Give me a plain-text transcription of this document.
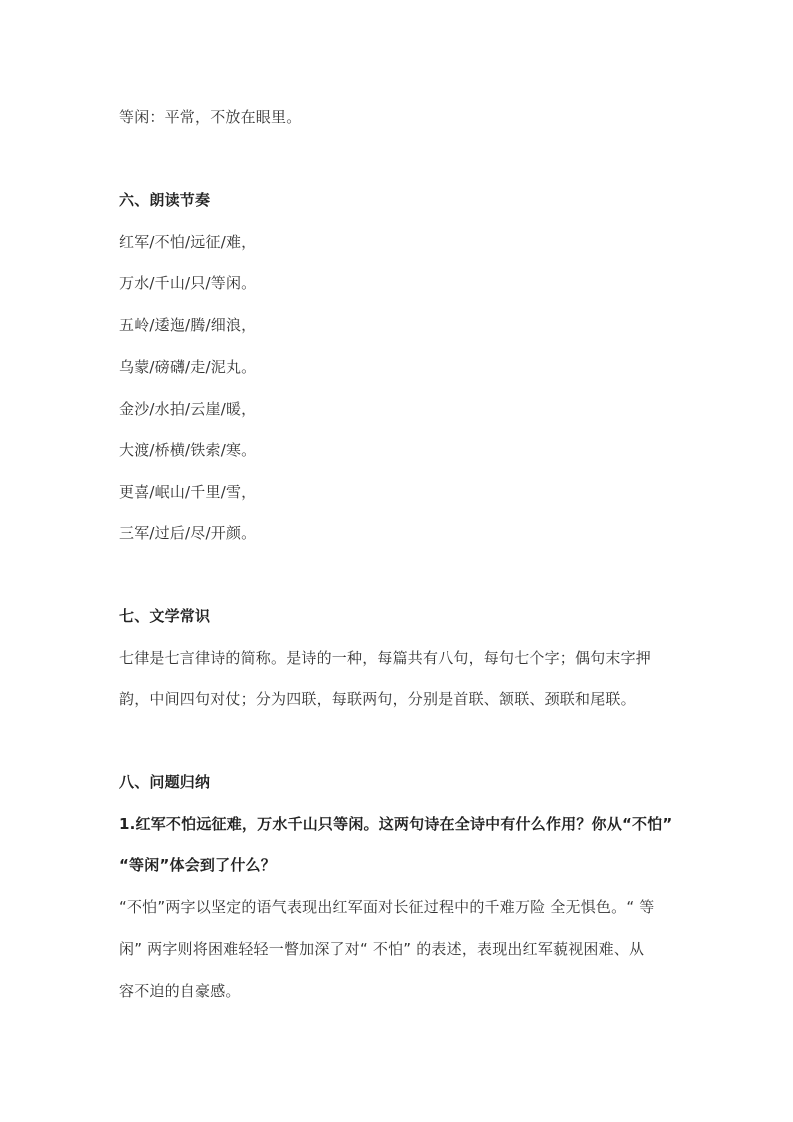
等闲：平常，不放在眼里。
六、朗读节奏
红军/不怕/远征/难，
万水/千山/只/等闲。
五岭/逶迤/腾/细浪，
乌蒙/磅礴/走/泥丸。
金沙/水拍/云崖/暖，
大渡/桥横/铁索/寒。
更喜/岷山/千里/雪，
三军/过后/尽/开颜。
七、文学常识
七律是七言律诗的简称。是诗的一种，每篇共有八句，每句七个字；偶句末字押
韵，中间四句对仗；分为四联，每联两句，分别是首联、颔联、颈联和尾联。
八、问题归纳
1.红军不怕远征难，万水千山只等闲。这两句诗在全诗中有什么作用？你从“不怕”
“等闲”体会到了什么？
“不怕”两字以坚定的语气表现出红军面对长征过程中的千难万险 全无惧色。“ 等
闲” 两字则将困难轻轻一瞥加深了对“ 不怕” 的表述，表现出红军藐视困难、从
容不迫的自豪感。
